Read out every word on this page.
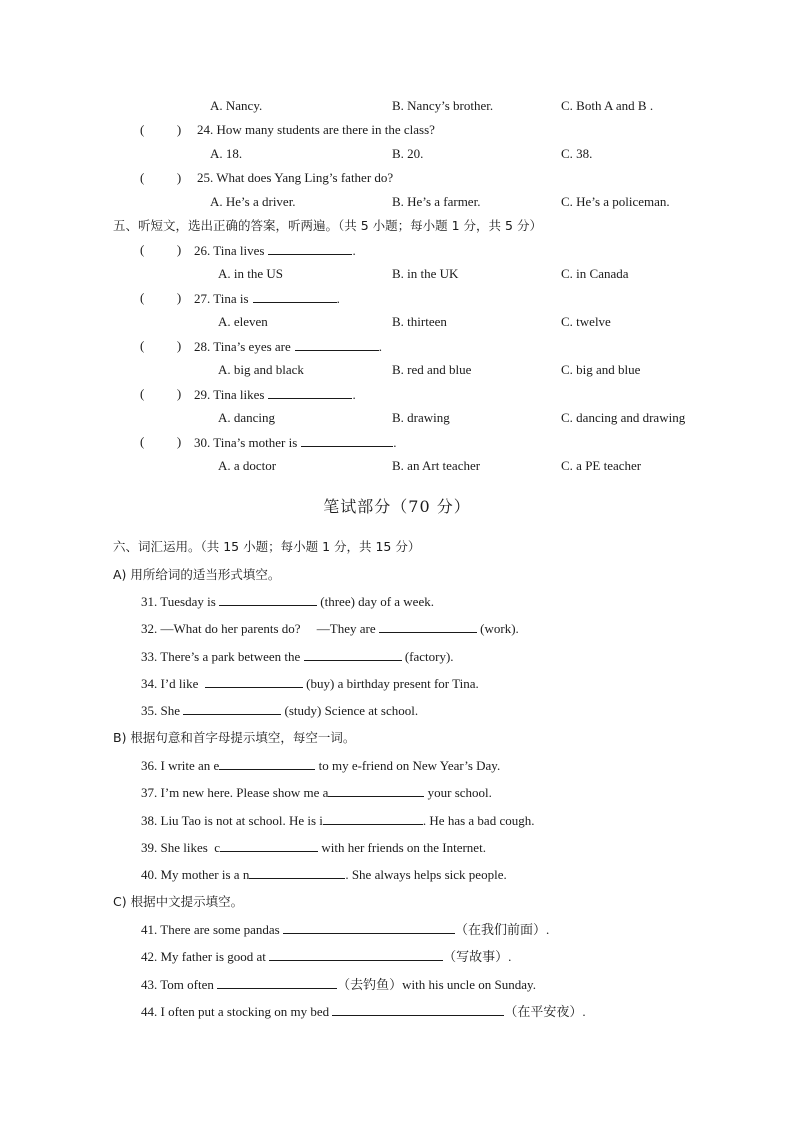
A. Nancy.	B. Nancy’s brother.	C. Both A and B .
(          ) 24. How many students are there in the class?
A. 18.	B. 20.	C. 38.
(          ) 25. What does Yang Ling’s father do?
A. He’s a driver.	B. He’s a farmer.	C. He’s a policeman.
五、听短文，选出正确的答案，听两遍。（共 5 小题；每小题 1 分，共 5 分）
(          ) 26. Tina lives	.
A. in the US	B. in the UK	C. in Canada
(          ) 27. Tina is	.
A. eleven	B. thirteen	C. twelve
(          ) 28. Tina’s eyes are	.
A. big and black	B. red and blue	C. big and blue
(          ) 29. Tina likes	.
A. dancing	B. drawing	C. dancing and drawing
(          ) 30. Tina’s mother is	.
A. a doctor	B. an Art teacher	C. a PE teacher
笔试部分（70 分）
六、词汇运用。（共 15 小题；每小题 1 分，共 15 分）
A) 用所给词的适当形式填空。
31. Tuesday is	(three) day of a week.
32. —What do her parents do?     —They are	(work).
33. There’s a park between the	(factory).
34. I’d like	(buy) a birthday present for Tina.
35. She	(study) Science at school.
B) 根据句意和首字母提示填空，每空一词。
36. I write an e	to my e-friend on New Year’s Day.
37. I’m new here. Please show me a	your school.
38. Liu Tao is not at school. He is i	. He has a bad cough.
39. She likes  c	with her friends on the Internet.
40. My mother is a n	. She always helps sick people.
C) 根据中文提示填空。
41. There are some pandas	（在我们前面）.
42. My father is good at	（写故事）.
43. Tom often	（去钓鱼）with his uncle on Sunday.
44. I often put a stocking on my bed	（在平安夜）.
